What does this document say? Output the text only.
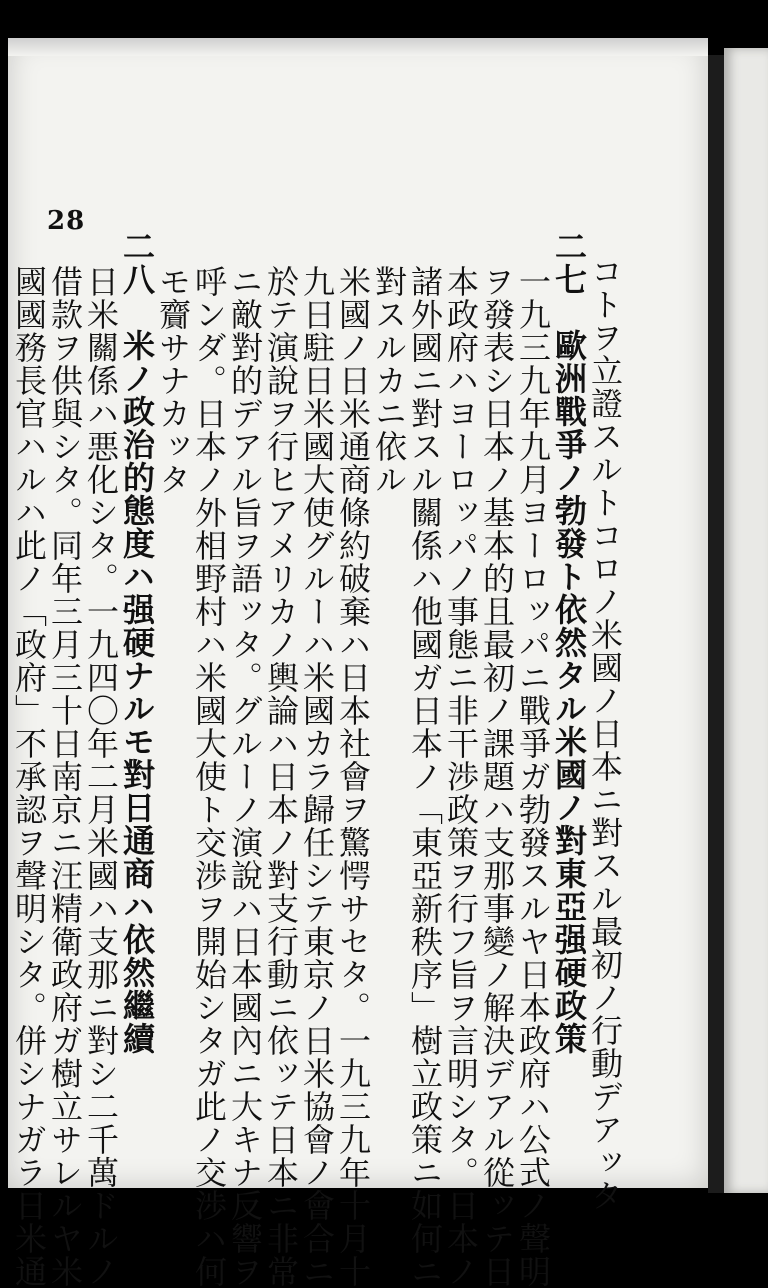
28
コトヲ立證スルトコロノ米國ノ日本ニ對スル最初ノ行動デアッタ
二七　歐洲戰爭ノ勃發ト依然タル米國ノ對東亞强硬政策
一九三九年九月ヨーロッパニ戰爭ガ勃發スルヤ日本政府ハ公式ノ聲明
ヲ發表シ日本ノ基本的且最初ノ課題ハ支那事變ノ解決デアル從ッテ日
本政府ハヨーロッパノ事態ニ非干渉政策ヲ行フ旨ヲ言明シタ。日本ノ
諸外國ニ對スル關係ハ他國ガ日本ノ「東亞新秩序」樹立政策ニ如何ニ
對スルカニ依ル
米國ノ日米通商條約破棄ハ日本社會ヲ驚愕サセタ。一九三九年十月十
九日駐日米國大使グルーハ米國カラ歸任シテ東京ノ日米協會ノ會合ニ
於テ演說ヲ行ヒアメリカノ輿論ハ日本ノ對支行動ニ依ッテ日本ニ非常
ニ敵對的デアル旨ヲ語ッタ。グルーノ演說ハ日本國內ニ大キナ反響ヲ
呼ンダ。日本ノ外相野村ハ米國大使ト交渉ヲ開始シタガ此ノ交渉ハ何
モ齎サナカッタ
二八　米ノ政治的態度ハ强硬ナルモ對日通商ハ依然繼續
日米關係ハ悪化シタ。一九四〇年二月米國ハ支那ニ對シ二千萬ドルノ
借款ヲ供與シタ。同年三月三十日南京ニ汪精衛政府ガ樹立サレルヤ米
國國務長官ハルハ此ノ「政府」不承認ヲ聲明シタ。併シナガラ日米通
